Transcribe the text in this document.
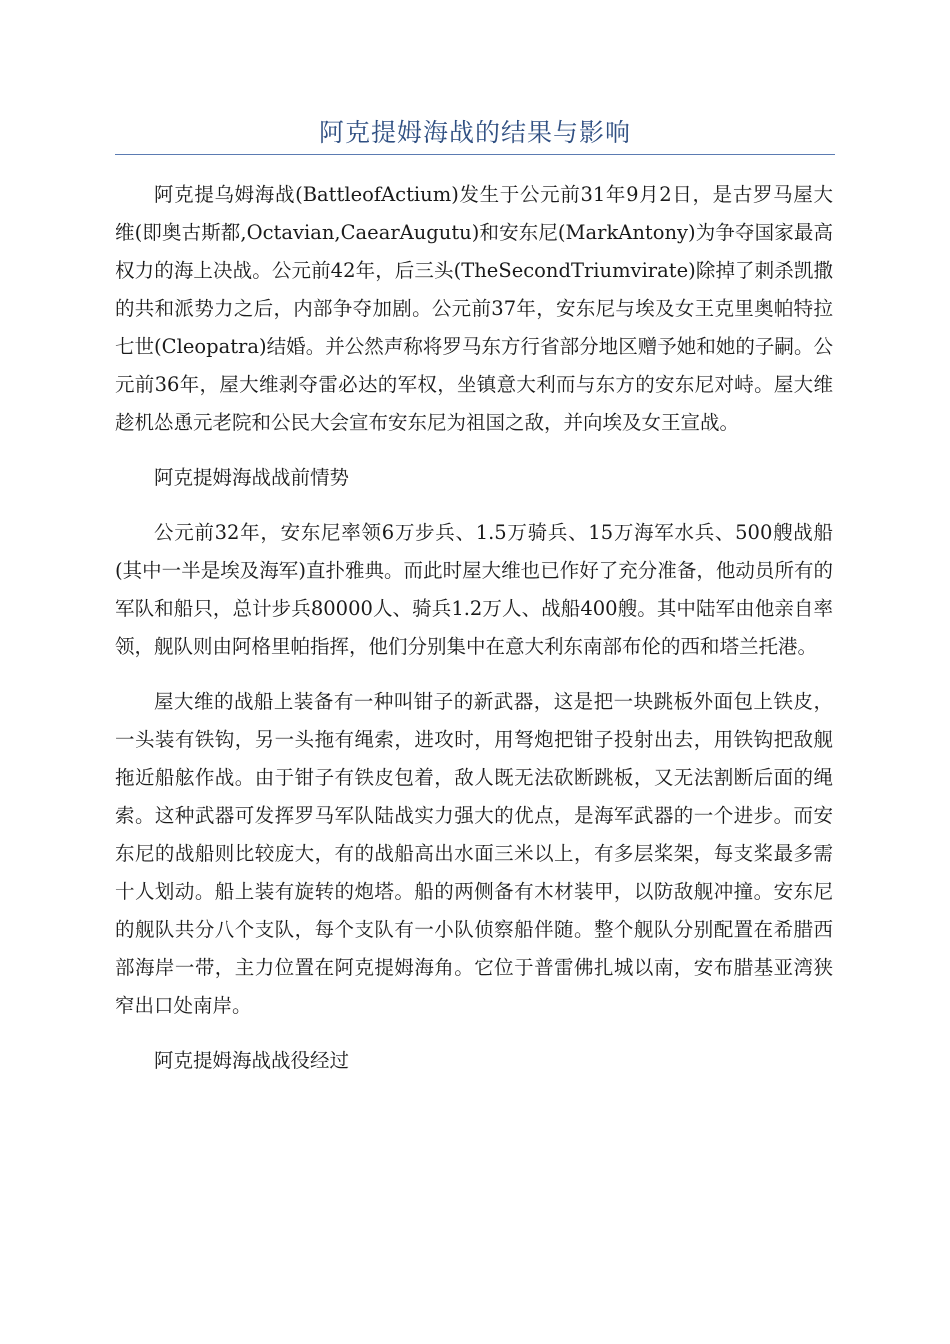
阿克提姆海战的结果与影响

阿克提乌姆海战(BattleofActium)发生于公元前31年9月2日，是古罗马屋大维(即奥古斯都,Octavian,CaearAugutu)和安东尼(MarkAntony)为争夺国家最高权力的海上决战。公元前42年，后三头(TheSecondTriumvirate)除掉了刺杀凯撒的共和派势力之后，内部争夺加剧。公元前37年，安东尼与埃及女王克里奥帕特拉七世(Cleopatra)结婚。并公然声称将罗马东方行省部分地区赠予她和她的子嗣。公元前36年，屋大维剥夺雷必达的军权，坐镇意大利而与东方的安东尼对峙。屋大维趁机怂恿元老院和公民大会宣布安东尼为祖国之敌，并向埃及女王宣战。

阿克提姆海战战前情势

公元前32年，安东尼率领6万步兵、1.5万骑兵、15万海军水兵、500艘战船(其中一半是埃及海军)直扑雅典。而此时屋大维也已作好了充分准备，他动员所有的军队和船只，总计步兵80000人、骑兵1.2万人、战船400艘。其中陆军由他亲自率领，舰队则由阿格里帕指挥，他们分别集中在意大利东南部布伦的西和塔兰托港。

屋大维的战船上装备有一种叫钳子的新武器，这是把一块跳板外面包上铁皮，一头装有铁钩，另一头拖有绳索，进攻时，用弩炮把钳子投射出去，用铁钩把敌舰拖近船舷作战。由于钳子有铁皮包着，敌人既无法砍断跳板，又无法割断后面的绳索。这种武器可发挥罗马军队陆战实力强大的优点，是海军武器的一个进步。而安东尼的战船则比较庞大，有的战船高出水面三米以上，有多层桨架，每支桨最多需十人划动。船上装有旋转的炮塔。船的两侧备有木材装甲，以防敌舰冲撞。安东尼的舰队共分八个支队，每个支队有一小队侦察船伴随。整个舰队分别配置在希腊西部海岸一带，主力位置在阿克提姆海角。它位于普雷佛扎城以南，安布腊基亚湾狭窄出口处南岸。

阿克提姆海战战役经过
